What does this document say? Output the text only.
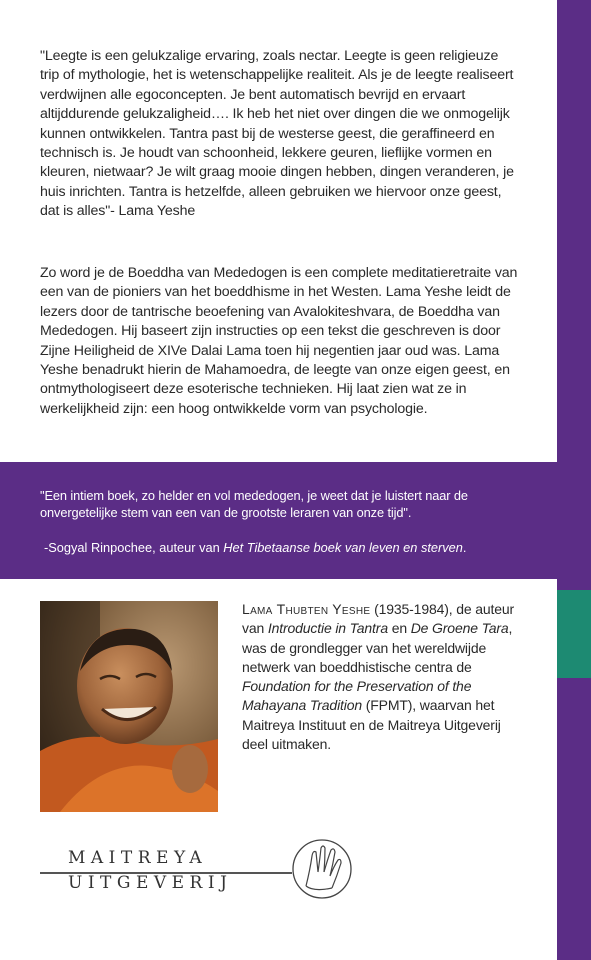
"Leegte is een gelukzalige ervaring, zoals nectar. Leegte is geen religieuze trip of mythologie, het is wetenschappelijke realiteit. Als je de leegte realiseert verdwijnen alle egoconcepten. Je bent automatisch bevrijd en ervaart altijddurende gelukzaligheid…. Ik heb het niet over dingen die we onmogelijk kunnen ontwikkelen. Tantra past bij de westerse geest, die geraffineerd en technisch is. Je houdt van schoonheid, lekkere geuren, lieflijke vormen en kleuren, nietwaar? Je wilt graag mooie dingen hebben, dingen veranderen, je huis inrichten. Tantra is hetzelfde, alleen gebruiken we hiervoor onze geest, dat is alles"- Lama Yeshe

Zo word je de Boeddha van Mededogen is een complete meditatieretraite van een van de pioniers van het boeddhisme in het Westen. Lama Yeshe leidt de lezers door de tantrische beoefening van Avalokiteshvara, de Boeddha van Mededogen. Hij baseert zijn instructies op een tekst die geschreven is door Zijne Heiligheid de XIVe Dalai Lama toen hij negentien jaar oud was. Lama Yeshe benadrukt hierin de Mahamoedra, de leegte van onze eigen geest, en ontmythologiseert deze esoterische technieken. Hij laat zien wat ze in werkelijkheid zijn: een hoog ontwikkelde vorm van psychologie.

"Een intiem boek, zo helder en vol mededogen, je weet dat je luistert naar de onvergetelijke stem van een van de grootste leraren van onze tijd".

-Sogyal Rinpochee, auteur van Het Tibetaanse boek van leven en sterven.

Lama Thubten Yeshe (1935-1984), de auteur van Introductie in Tantra en De Groene Tara, was de grondlegger van het wereldwijde netwerk van boeddhistische centra de Foundation for the Preservation of the Mahayana Tradition (FPMT), waarvan het Maitreya Instituut en de Maitreya Uitgeverij deel uitmaken.

MAITREYA
UITGEVERIJ
